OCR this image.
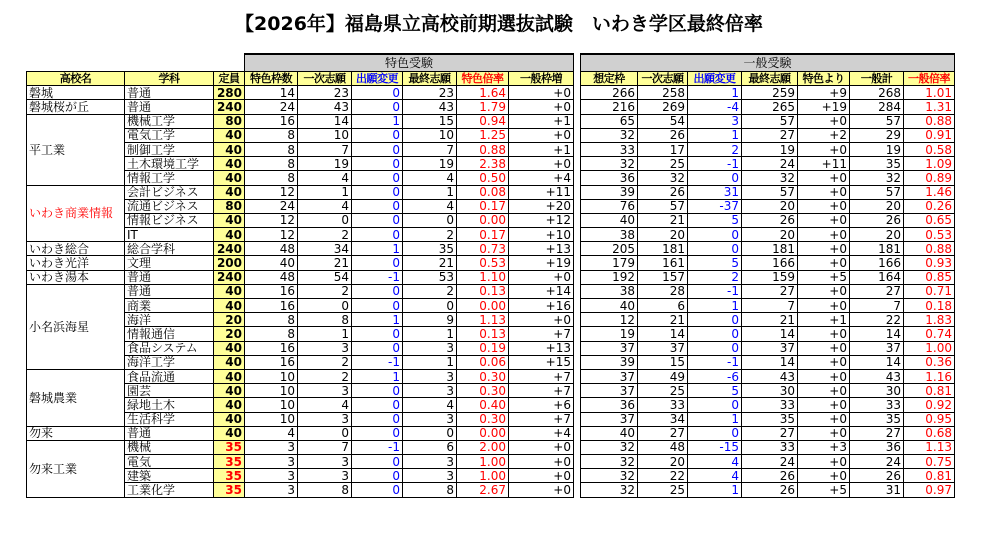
【2026年】福島県立高校前期選抜試験　いわき学区最終倍率
			特色受験							一般受験						
高校名	学科	定員	特色枠数	一次志願	出願変更	最終志願	特色倍率	一般枠増		想定枠	一次志願	出願変更	最終志願	特色より	一般計	一般倍率
磐城	普通	280	14	23	0	23	1.64	+0		266	258	1	259	+9	268	1.01
磐城桜が丘	普通	240	24	43	0	43	1.79	+0		216	269	-4	265	+19	284	1.31
平工業	機械工学	80	16	14	1	15	0.94	+1		65	54	3	57	+0	57	0.88
	電気工学	40	8	10	0	10	1.25	+0		32	26	1	27	+2	29	0.91
	制御工学	40	8	7	0	7	0.88	+1		33	17	2	19	+0	19	0.58
	土木環境工学	40	8	19	0	19	2.38	+0		32	25	-1	24	+11	35	1.09
	情報工学	40	8	4	0	4	0.50	+4		36	32	0	32	+0	32	0.89
いわき商業情報	会計ビジネス	40	12	1	0	1	0.08	+11		39	26	31	57	+0	57	1.46
	流通ビジネス	80	24	4	0	4	0.17	+20		76	57	-37	20	+0	20	0.26
	情報ビジネス	40	12	0	0	0	0.00	+12		40	21	5	26	+0	26	0.65
	IT	40	12	2	0	2	0.17	+10		38	20	0	20	+0	20	0.53
いわき総合	総合学科	240	48	34	1	35	0.73	+13		205	181	0	181	+0	181	0.88
いわき光洋	文理	200	40	21	0	21	0.53	+19		179	161	5	166	+0	166	0.93
いわき湯本	普通	240	48	54	-1	53	1.10	+0		192	157	2	159	+5	164	0.85
小名浜海星	普通	40	16	2	0	2	0.13	+14		38	28	-1	27	+0	27	0.71
	商業	40	16	0	0	0	0.00	+16		40	6	1	7	+0	7	0.18
	海洋	20	8	8	1	9	1.13	+0		12	21	0	21	+1	22	1.83
	情報通信	20	8	1	0	1	0.13	+7		19	14	0	14	+0	14	0.74
	食品システム	40	16	3	0	3	0.19	+13		37	37	0	37	+0	37	1.00
	海洋工学	40	16	2	-1	1	0.06	+15		39	15	-1	14	+0	14	0.36
磐城農業	食品流通	40	10	2	1	3	0.30	+7		37	49	-6	43	+0	43	1.16
	園芸	40	10	3	0	3	0.30	+7		37	25	5	30	+0	30	0.81
	緑地土木	40	10	4	0	4	0.40	+6		36	33	0	33	+0	33	0.92
	生活科学	40	10	3	0	3	0.30	+7		37	34	1	35	+0	35	0.95
勿来	普通	40	4	0	0	0	0.00	+4		40	27	0	27	+0	27	0.68
勿来工業	機械	35	3	7	-1	6	2.00	+0		32	48	-15	33	+3	36	1.13
	電気	35	3	3	0	3	1.00	+0		32	20	4	24	+0	24	0.75
	建築	35	3	3	0	3	1.00	+0		32	22	4	26	+0	26	0.81
	工業化学	35	3	8	0	8	2.67	+0		32	25	1	26	+5	31	0.97
